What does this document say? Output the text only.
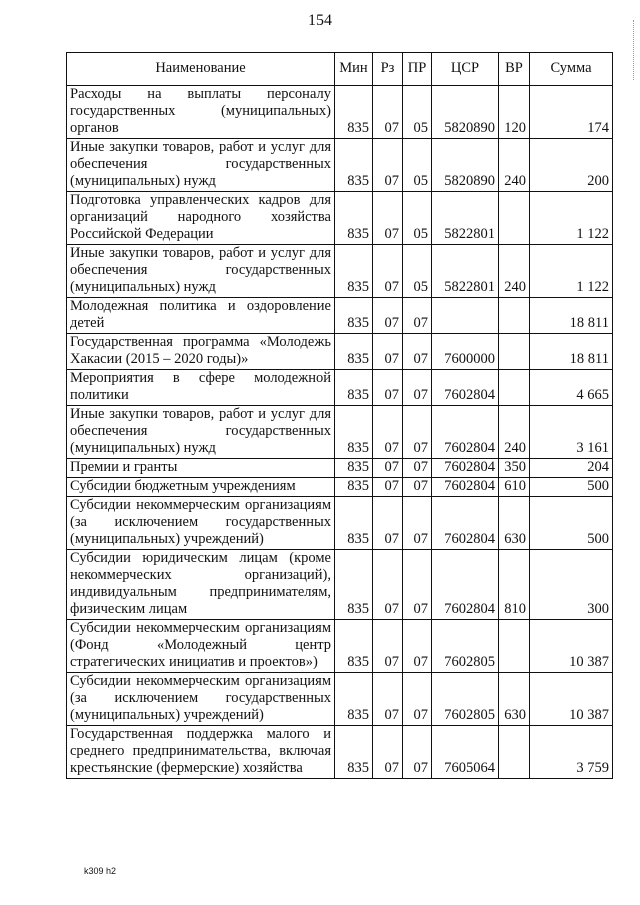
154
Наименование	Мин	Рз	ПР	ЦСР	ВР	Сумма
Расходы на выплаты персоналу государственных (муниципальных) органов	835	07	05	5820890	120	174
Иные закупки товаров, работ и услуг для обеспечения государственных (муниципальных) нужд	835	07	05	5820890	240	200
Подготовка управленческих кадров для организаций народного хозяйства Российской Федерации	835	07	05	5822801		1 122
Иные закупки товаров, работ и услуг для обеспечения государственных (муниципальных) нужд	835	07	05	5822801	240	1 122
Молодежная политика и оздоровление детей	835	07	07			18 811
Государственная программа «Молодежь Хакасии (2015 – 2020 годы)»	835	07	07	7600000		18 811
Мероприятия в сфере молодежной политики	835	07	07	7602804		4 665
Иные закупки товаров, работ и услуг для обеспечения государственных (муниципальных) нужд	835	07	07	7602804	240	3 161
Премии и гранты	835	07	07	7602804	350	204
Субсидии бюджетным учреждениям	835	07	07	7602804	610	500
Субсидии некоммерческим организациям (за исключением государственных (муниципальных) учреждений)	835	07	07	7602804	630	500
Субсидии юридическим лицам (кроме некоммерческих организаций), индивидуальным предпринимателям, физическим лицам	835	07	07	7602804	810	300
Субсидии некоммерческим организациям (Фонд «Молодежный центр стратегических инициатив и проектов»)	835	07	07	7602805		10 387
Субсидии некоммерческим организациям (за исключением государственных (муниципальных) учреждений)	835	07	07	7602805	630	10 387
Государственная поддержка малого и среднего предпринимательства, включая крестьянские (фермерские) хозяйства	835	07	07	7605064		3 759
k309 h2
